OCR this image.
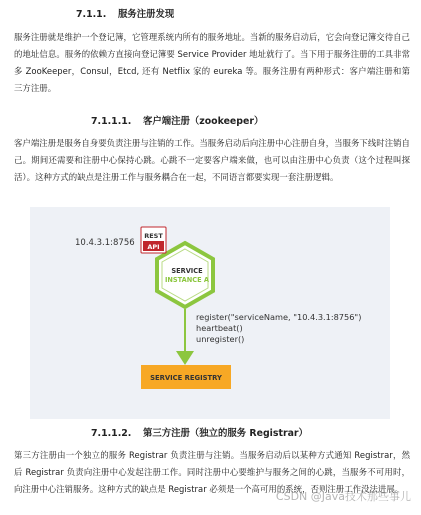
7.1.1. 服务注册发现
服务注册就是维护一个登记簿，它管理系统内所有的服务地址。当新的服务启动后，它会向登记簿交待自己的地址信息。服务的依赖方直接向登记簿要 Service Provider 地址就行了。当下用于服务注册的工具非常多 ZooKeeper，Consul，Etcd, 还有 Netflix 家的 eureka 等。服务注册有两种形式：客户端注册和第三方注册。
7.1.1.1. 客户端注册（zookeeper）
客户端注册是服务自身要负责注册与注销的工作。当服务启动后向注册中心注册自身，当服务下线时注销自己。期间还需要和注册中心保持心跳。心跳不一定要客户端来做，也可以由注册中心负责（这个过程叫探活）。这种方式的缺点是注册工作与服务耦合在一起，不同语言都要实现一套注册逻辑。
10.4.3.1:8756
REST
API
SERVICE
INSTANCE A
register("serviceName, "10.4.3.1:8756")
heartbeat()
unregister()
SERVICE REGISTRY
7.1.1.2. 第三方注册（独立的服务 Registrar）
第三方注册由一个独立的服务 Registrar 负责注册与注销。当服务启动后以某种方式通知 Registrar，然后 Registrar 负责向注册中心发起注册工作。同时注册中心要维护与服务之间的心跳，当服务不可用时，向注册中心注销服务。这种方式的缺点是 Registrar 必须是一个高可用的系统，否则注册工作没法进展。
CSDN @Java技术那些事儿
